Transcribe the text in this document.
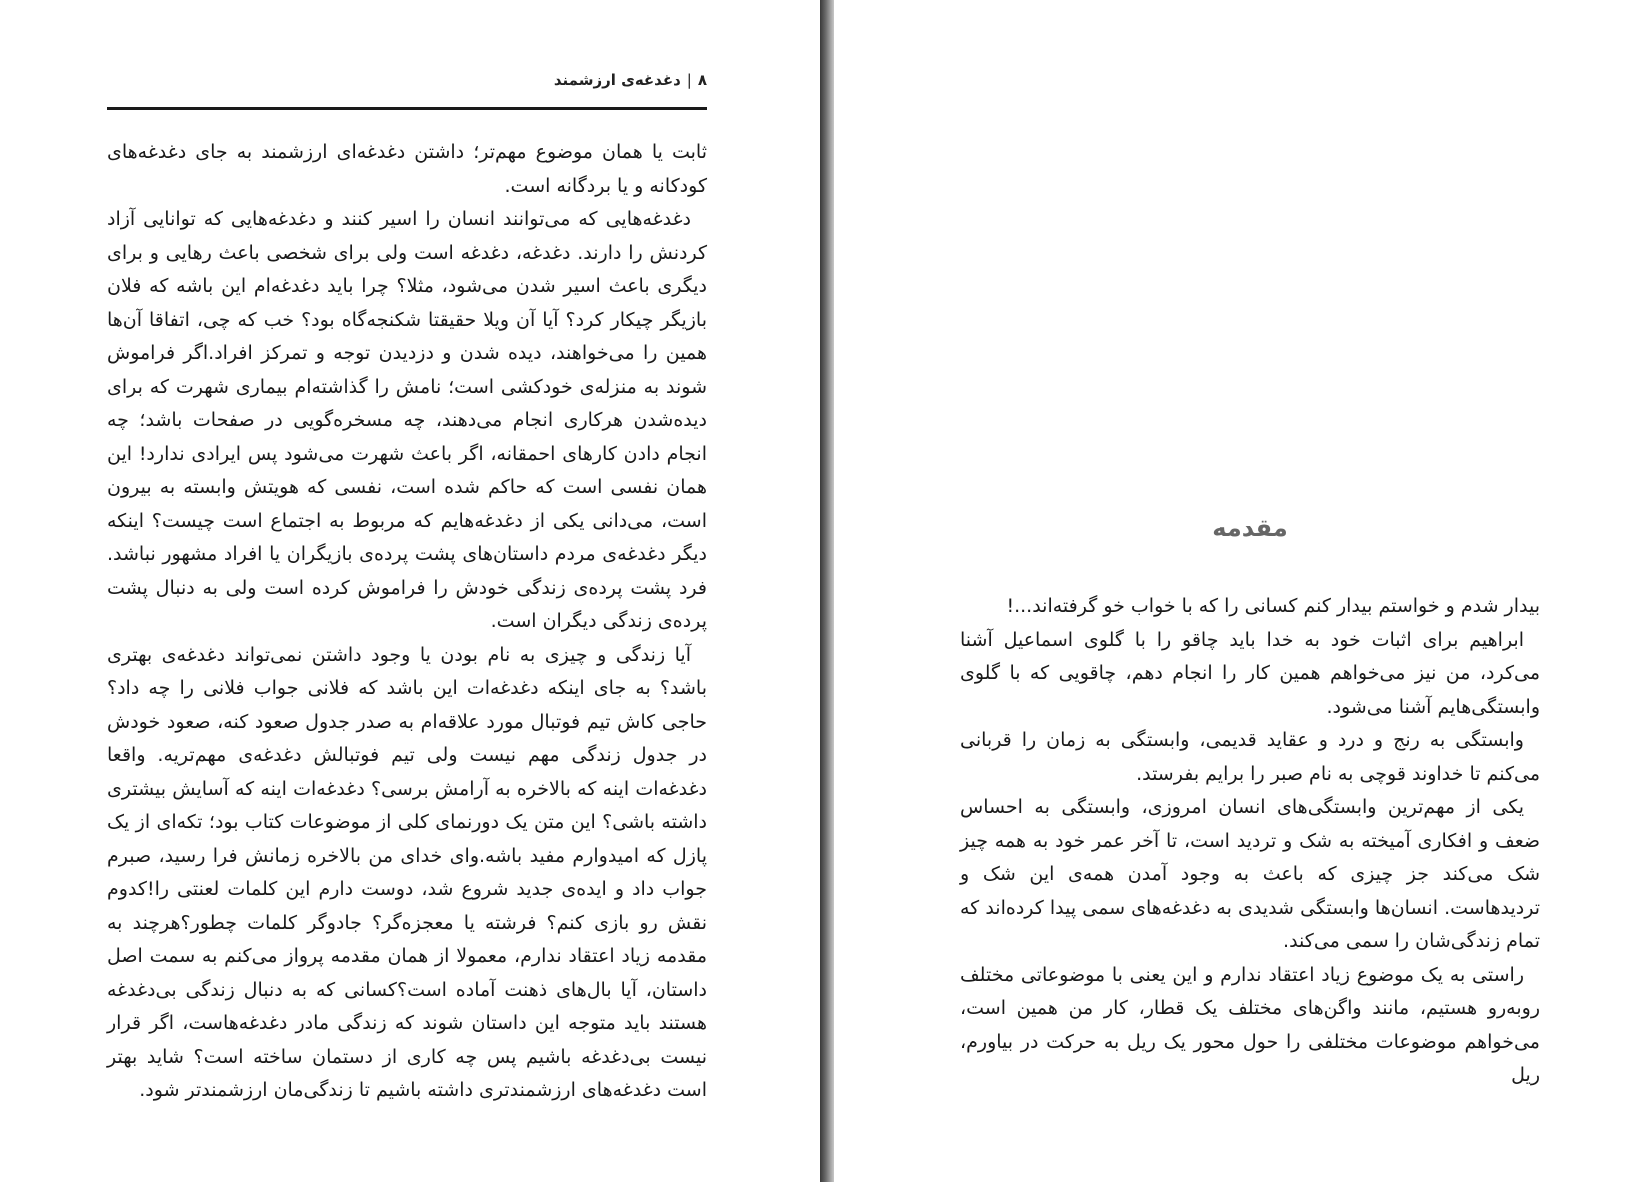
۸|دغدغه‌ی ارزشمند

ثابت یا همان موضوع مهم‌تر؛ داشتن دغدغه‌ای ارزشمند به جای دغدغه‌های کودکانه و یا بردگانه است.

دغدغه‌هایی که می‌توانند انسان را اسیر کنند و دغدغه‌هایی که توانایی آزاد کردنش را دارند. دغدغه، دغدغه است ولی برای شخصی باعث رهایی و برای دیگری باعث اسیر شدن می‌شود، مثلا؟ چرا باید دغدغه‌ام این باشه که فلان بازیگر چیکار کرد؟ آیا آن ویلا حقیقتا شکنجه‌گاه بود؟ خب که چی، اتفاقا آن‌ها همین را می‌خواهند، دیده شدن و دزدیدن توجه و تمرکز افراد.اگر فراموش شوند به منزله‌ی خودکشی است؛ نامش را گذاشته‌ام بیماری شهرت که برای دیده‌شدن هرکاری انجام می‌دهند، چه مسخره‌گویی در صفحات باشد؛ چه انجام دادن کارهای احمقانه، اگر باعث شهرت می‌شود پس ایرادی ندارد! این همان نفسی است که حاکم شده است، نفسی که هویتش وابسته به بیرون است، می‌دانی یکی از دغدغه‌هایم که مربوط به اجتماع است چیست؟ اینکه دیگر دغدغه‌ی مردم داستان‌های پشت پرده‌ی بازیگران یا افراد مشهور نباشد. فرد پشت پرده‌ی زندگی خودش را فراموش کرده است ولی به دنبال پشت پرده‌ی زندگی دیگران است.

آیا زندگی و چیزی به نام بودن یا وجود داشتن نمی‌تواند دغدغه‌ی بهتری باشد؟ به جای اینکه دغدغه‌ات این باشد که فلانی جواب فلانی را چه داد؟حاجی کاش تیم فوتبال مورد علاقه‌ام به صدر جدول صعود کنه، صعود خودش در جدول زندگی مهم نیست ولی تیم فوتبالش دغدغه‌ی مهم‌تریه. واقعا دغدغه‌ات اینه که بالاخره به آرامش برسی؟ دغدغه‌ات اینه که آسایش بیشتری داشته باشی؟ این متن یک دورنمای کلی از موضوعات کتاب بود؛ تکه‌ای از یک پازل که امیدوارم مفید باشه.وای خدای من بالاخره زمانش فرا رسید، صبرم جواب داد و ایده‌ی جدید شروع شد، دوست دارم این کلمات لعنتی را!کدوم نقش رو بازی کنم؟ فرشته یا معجزه‌گر؟ جادوگر کلمات چطور؟هرچند به مقدمه زیاد اعتقاد ندارم، معمولا از همان مقدمه پرواز می‌کنم به سمت اصل داستان، آیا بال‌های ذهنت آماده است؟کسانی که به دنبال زندگی بی‌دغدغه هستند باید متوجه این داستان شوند که زندگی مادر دغدغه‌هاست، اگر قرار نیست بی‌دغدغه باشیم پس چه کاری از دستمان ساخته است؟ شاید بهتر است دغدغه‌های ارزشمندتری داشته باشیم تا زندگی‌مان ارزشمندتر شود.

مقدمه

بیدار شدم و خواستم بیدار کنم کسانی را که با خواب خو گرفته‌اند...!

ابراهیم برای اثبات خود به خدا باید چاقو را با گلوی اسماعیل آشنا می‌کرد، من نیز می‌خواهم همین کار را انجام دهم، چاقویی که با گلوی وابستگی‌هایم آشنا می‌شود.

وابستگی به رنج و درد و عقاید قدیمی، وابستگی به زمان را قربانی می‌کنم تا خداوند قوچی به نام صبر را برایم بفرستد.

یکی از مهم‌ترین وابستگی‌های انسان امروزی، وابستگی به احساس ضعف و افکاری آمیخته به شک و تردید است، تا آخر عمر خود به همه چیز شک می‌کند جز چیزی که باعث به وجود آمدن همه‌ی این شک و تردیدهاست. انسان‌ها وابستگی شدیدی به دغدغه‌های سمی پیدا کرده‌اند که تمام زندگی‌شان را سمی می‌کند.

راستی به یک موضوع زیاد اعتقاد ندارم و این یعنی با موضوعاتی مختلف روبه‌رو هستیم، مانند واگن‌های مختلف یک قطار، کار من همین است، می‌خواهم موضوعات مختلفی را حول محور یک ریل به حرکت در بیاورم، ریل
